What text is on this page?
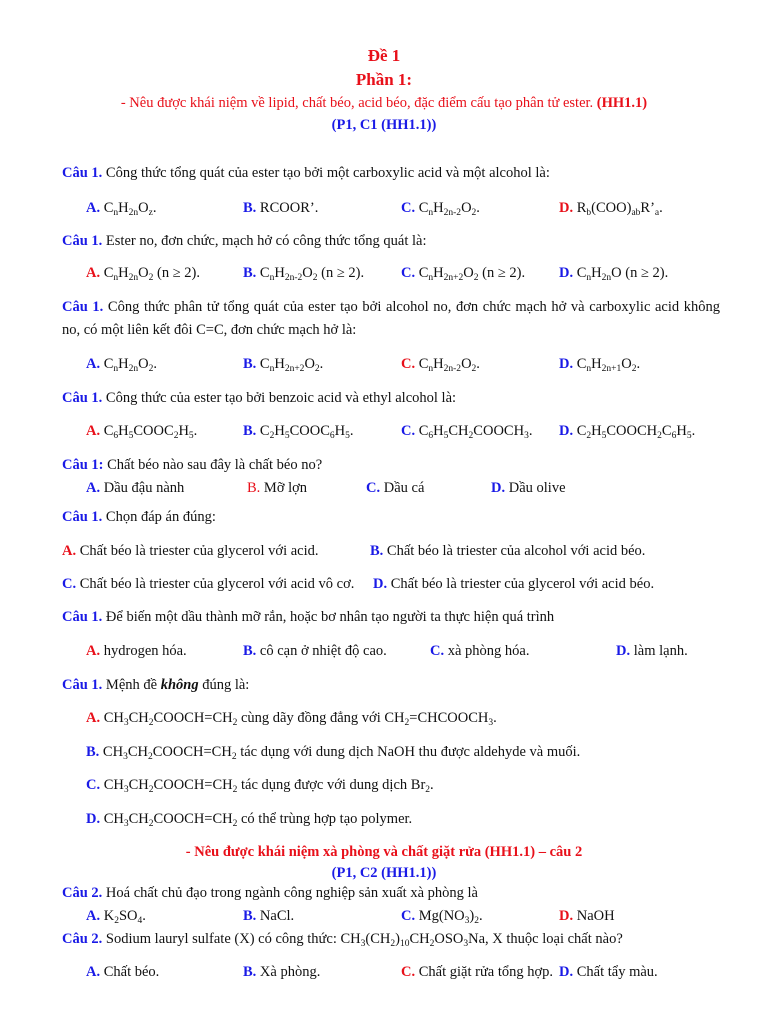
Đề 1
Phần 1:
- Nêu được khái niệm về lipid, chất béo, acid béo, đặc điểm cấu tạo phân tử ester. (HH1.1)
(P1, C1 (HH1.1))
Câu 1. Công thức tổng quát của ester tạo bởi một carboxylic acid và một alcohol là:
A. $C_nH_{2n}O_z$.	B. RCOOR’.	C. $C_nH_{2n-2}O_2$.	D. $R_b(COO)_{ab}R’_a$.
Câu 1. Ester no, đơn chức, mạch hở có công thức tổng quát là:
A. $C_nH_{2n}O_2$ (n ≥ 2).	B. $C_nH_{2n-2}O_2$ (n ≥ 2).	C. $C_nH_{2n+2}O_2$ (n ≥ 2). D. $C_nH_{2n}O$ (n ≥ 2).
Câu 1. Công thức phân tử tổng quát của ester tạo bởi alcohol no, đơn chức mạch hở và carboxylic acid không no, có một liên kết đôi C=C, đơn chức mạch hở là:
A. $C_nH_{2n}O_2$.	B. $C_nH_{2n+2}O_2$.	C. $C_nH_{2n-2}O_2$.	D. $C_nH_{2n+1}O_2$.
Câu 1. Công thức của ester tạo bởi benzoic acid và ethyl alcohol là:
A. $C_6H_5COOC_2H_5$.	B. $C_2H_5COOC_6H_5$.	C. $C_6H_5CH_2COOCH_3$. D. $C_2H_5COOCH_2C_6H_5$.
Câu 1: Chất béo nào sau đây là chất béo no?
A. Dầu đậu nành	B. Mỡ lợn	C. Dầu cá	D. Dầu olive
Câu 1. Chọn đáp án đúng:
A. Chất béo là triester của glycerol với acid.	B. Chất béo là triester của alcohol với acid béo.
C. Chất béo là triester của glycerol với acid vô cơ. D. Chất béo là triester của glycerol với acid béo.
Câu 1. Để biến một dầu thành mỡ rắn, hoặc bơ nhân tạo người ta thực hiện quá trình
A. hydrogen hóa.	B. cô cạn ở nhiệt độ cao.	C. xà phòng hóa.	D. làm lạnh.
Câu 1. Mệnh đề không đúng là:
A. $CH_3CH_2COOCH=CH_2$ cùng dãy đồng đẳng với $CH_2=CHCOOCH_3$.
B. $CH_3CH_2COOCH=CH_2$ tác dụng với dung dịch NaOH thu được aldehyde và muối.
C. $CH_3CH_2COOCH=CH_2$ tác dụng được với dung dịch $Br_2$.
D. $CH_3CH_2COOCH=CH_2$ có thể trùng hợp tạo polymer.
- Nêu được khái niệm xà phòng và chất giặt rửa (HH1.1) – câu 2
(P1, C2 (HH1.1))
Câu 2. Hoá chất chủ đạo trong ngành công nghiệp sản xuất xà phòng là
A. $K_2SO_4$.	B. NaCl.	C. $Mg(NO_3)_2$.	D. NaOH
Câu 2. Sodium lauryl sulfate (X) có công thức: $CH_3(CH_2)_{10}CH_2OSO_3Na$, X thuộc loại chất nào?
A. Chất béo.	B. Xà phòng.	C. Chất giặt rửa tổng hợp. D. Chất tẩy màu.
